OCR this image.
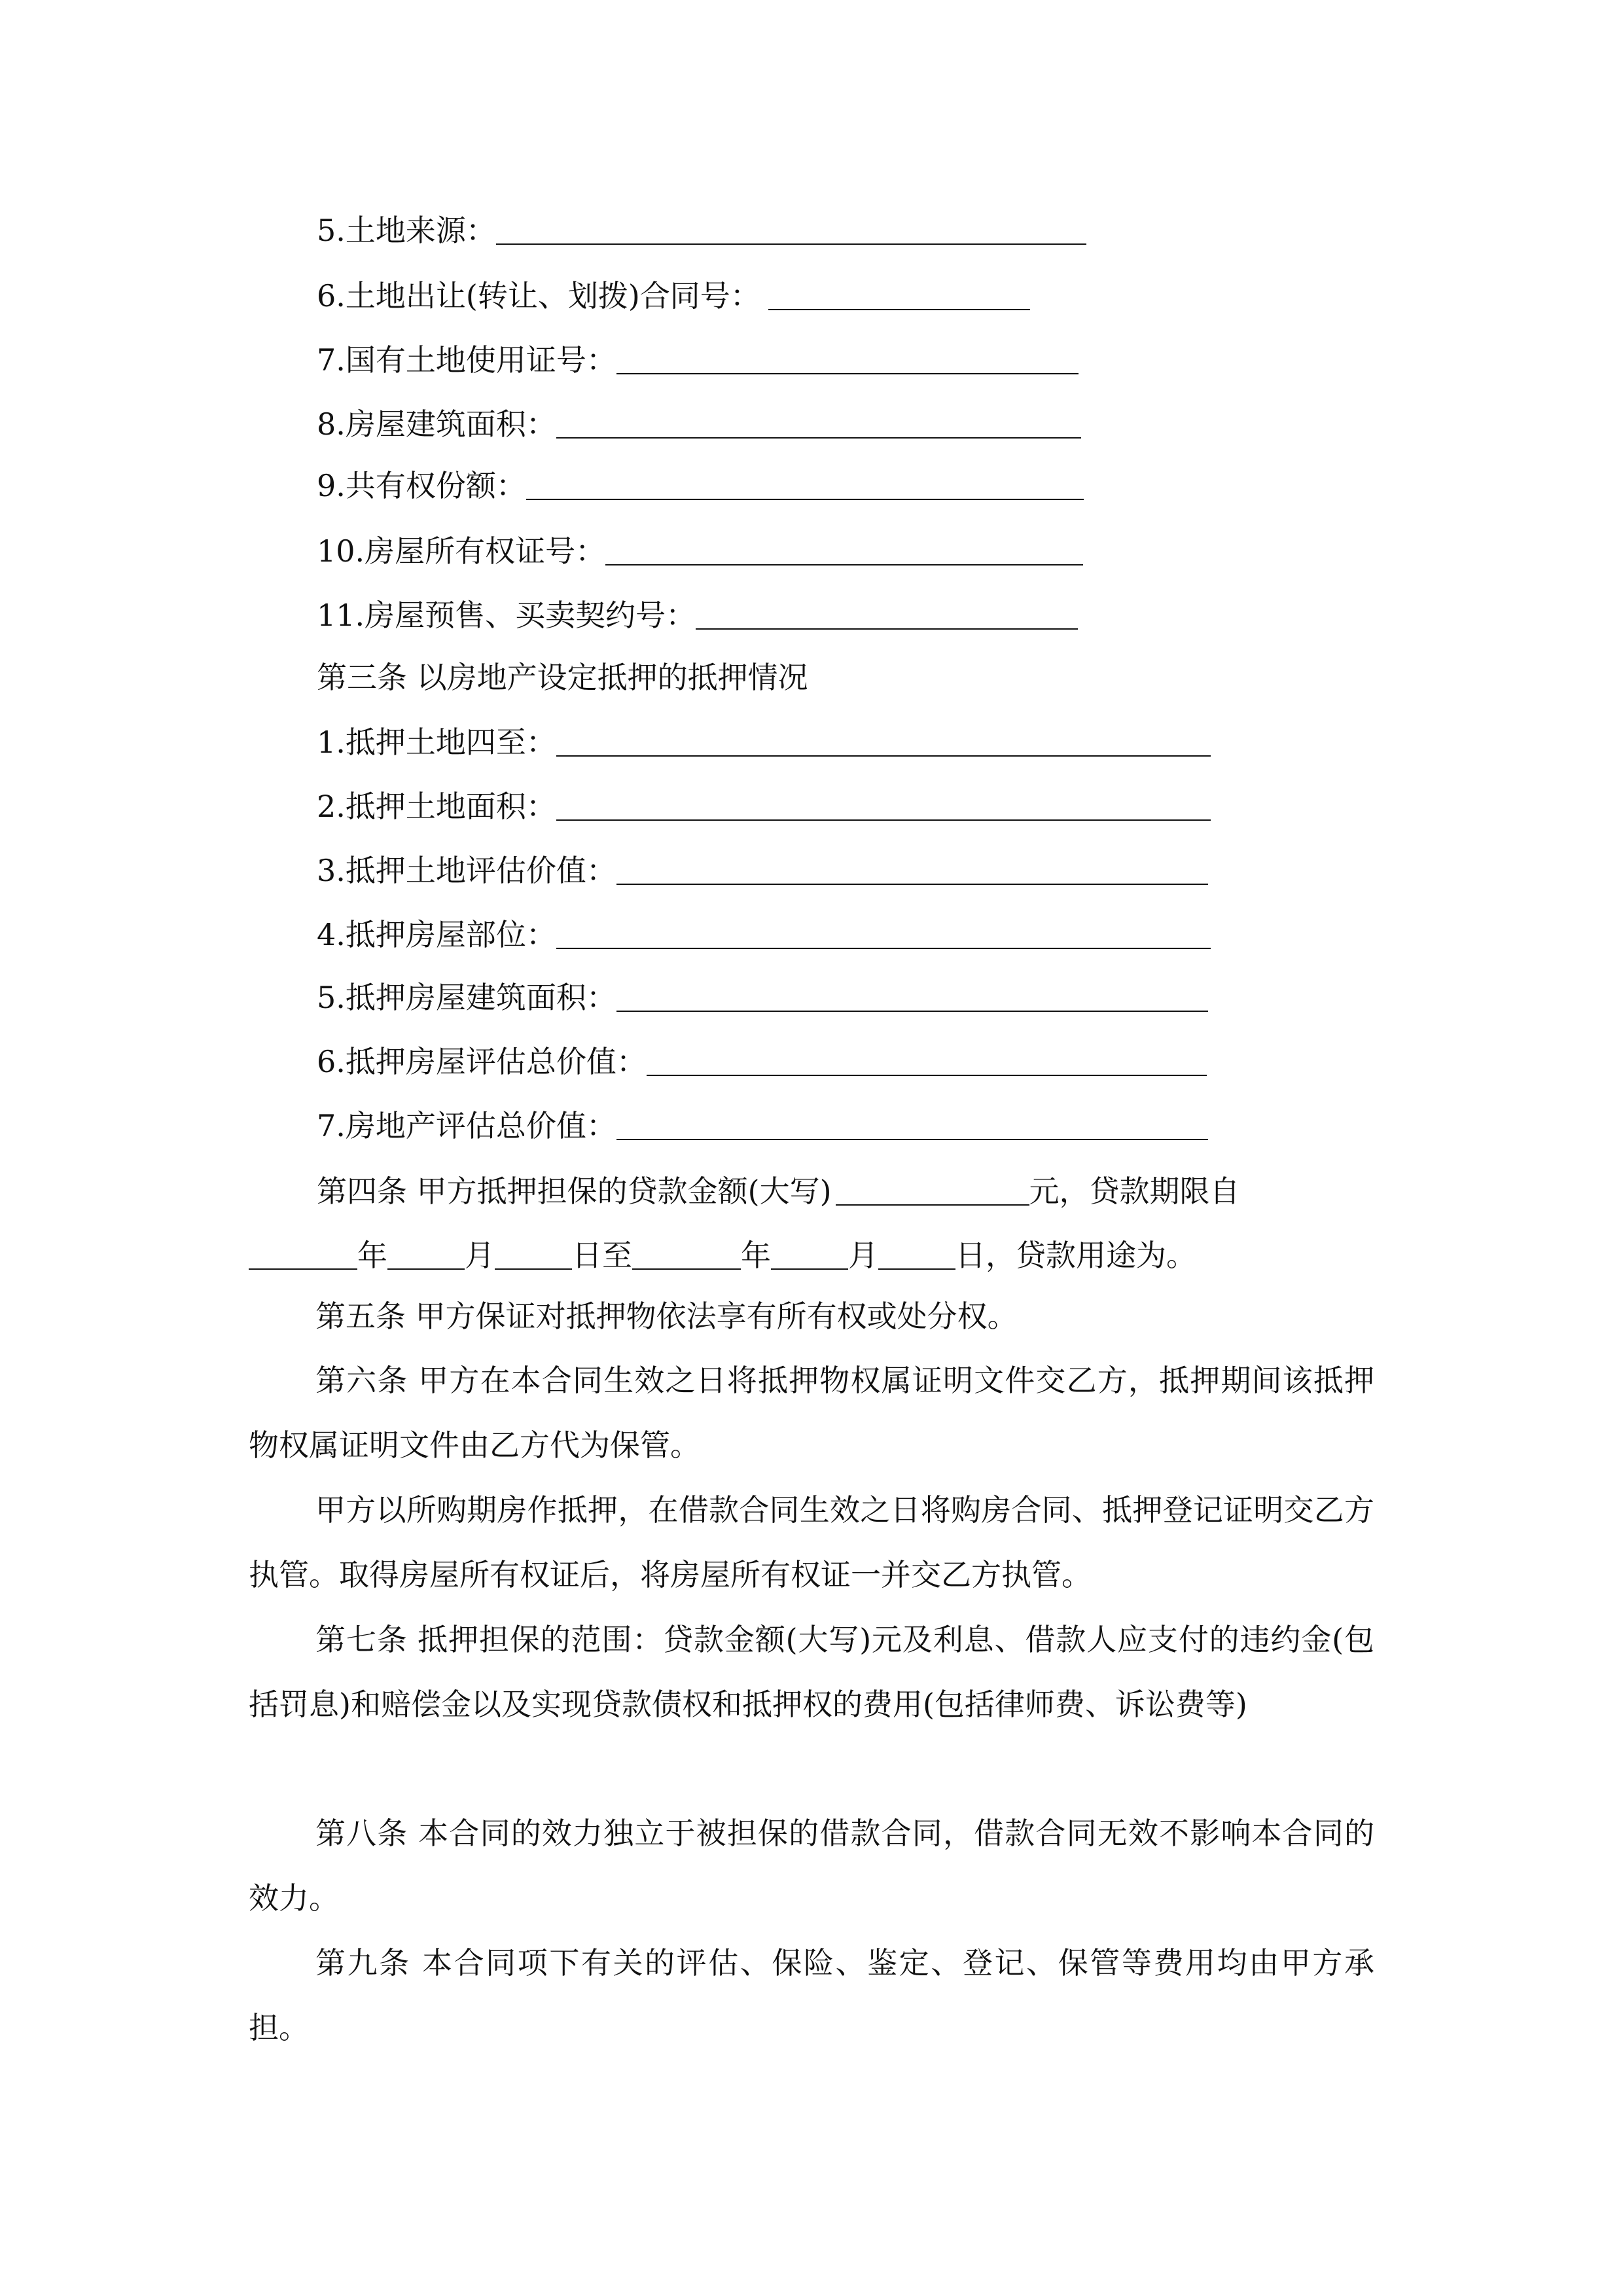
5.土地来源：
6.土地出让(转让、划拨)合同号：
7.国有土地使用证号：
8.房屋建筑面积：
9.共有权份额：
10.房屋所有权证号：
11.房屋预售、买卖契约号：
第三条 以房地产设定抵押的抵押情况
1.抵押土地四至：
2.抵押土地面积：
3.抵押土地评估价值：
4.抵押房屋部位：
5.抵押房屋建筑面积：
6.抵押房屋评估总价值：
7.房地产评估总价值：
第四条 甲方抵押担保的贷款金额(大写)	元，贷款期限自
年	月	日至	年	月	日，贷款用途为。
第五条 甲方保证对抵押物依法享有所有权或处分权。
第六条 甲方在本合同生效之日将抵押物权属证明文件交乙方，抵押期间该抵押物权属证明文件由乙方代为保管。
甲方以所购期房作抵押，在借款合同生效之日将购房合同、抵押登记证明交乙方执管。取得房屋所有权证后，将房屋所有权证一并交乙方执管。
第七条 抵押担保的范围：贷款金额(大写)元及利息、借款人应支付的违约金(包括罚息)和赔偿金以及实现贷款债权和抵押权的费用(包括律师费、诉讼费等)
第八条 本合同的效力独立于被担保的借款合同，借款合同无效不影响本合同的效力。
第九条 本合同项下有关的评估、保险、鉴定、登记、保管等费用均由甲方承担。
